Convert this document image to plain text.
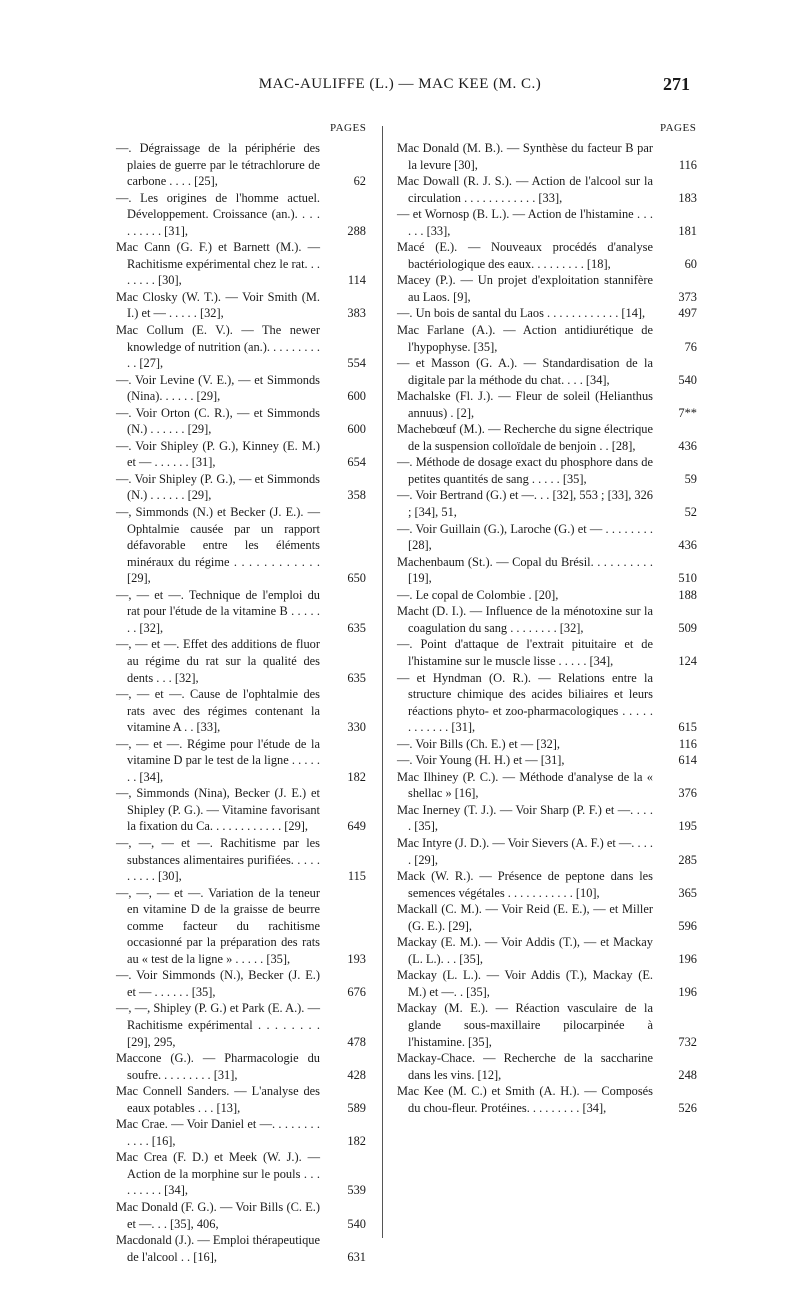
MAC-AULIFFE (L.) — MAC KEE (M. C.)	271
PAGES	PAGES
—. Dégraissage de la périphérie des plaies de guerre par le tétrachlorure de carbone . . . . [25],	62
—. Les origines de l'homme actuel. Développement. Croissance (an.). . . . . . . . . . [31],	288
Mac Cann (G. F.) et Barnett (M.). — Rachitisme expérimental chez le rat. . . . . . . . [30],	114
Mac Closky (W. T.). — Voir Smith (M. I.) et — . . . . . [32],	383
Mac Collum (E. V.). — The newer knowledge of nutrition (an.). . . . . . . . . . . [27],	554
—. Voir Levine (V. E.), — et Simmonds (Nina). . . . . . [29],	600
—. Voir Orton (C. R.), — et Simmonds (N.) . . . . . . [29],	600
—. Voir Shipley (P. G.), Kinney (E. M.) et — . . . . . . [31],	654
—. Voir Shipley (P. G.), — et Simmonds (N.) . . . . . . [29],	358
—, Simmonds (N.) et Becker (J. E.). — Ophtalmie causée par un rapport défavorable entre les éléments minéraux du régime . . . . . . . . . . . . [29],	650
—, — et —. Technique de l'emploi du rat pour l'étude de la vitamine B . . . . . . . [32],	635
—, — et —. Effet des additions de fluor au régime du rat sur la qualité des dents . . . [32],	635
—, — et —. Cause de l'ophtalmie des rats avec des régimes contenant la vitamine A . . [33],	330
—, — et —. Régime pour l'étude de la vitamine D par le test de la ligne . . . . . . . [34],	182
—, Simmonds (Nina), Becker (J. E.) et Shipley (P. G.). — Vitamine favorisant la fixation du Ca. . . . . . . . . . . . [29],	649
—, —, — et —. Rachitisme par les substances alimentaires purifiées. . . . . . . . . . [30],	115
—, —, — et —. Variation de la teneur en vitamine D de la graisse de beurre comme facteur du rachitisme occasionné par la préparation des rats au « test de la ligne » . . . . . [35],	193
—. Voir Simmonds (N.), Becker (J. E.) et — . . . . . . [35],	676
—, —, Shipley (P. G.) et Park (E. A.). — Rachitisme expérimental . . . . . . . . [29], 295,	478
Maccone (G.). — Pharmacologie du soufre. . . . . . . . . [31],	428
Mac Connell Sanders. — L'analyse des eaux potables . . . [13],	589
Mac Crae. — Voir Daniel et —. . . . . . . . . . . . [16],	182
Mac Crea (F. D.) et Meek (W. J.). — Action de la morphine sur le pouls . . . . . . . . . [34],	539
Mac Donald (F. G.). — Voir Bills (C. E.) et —. . . [35], 406,	540
Macdonald (J.). — Emploi thérapeutique de l'alcool . . [16],	631
Mac Donald (M. B.). — Synthèse du facteur B par la levure [30],	116
Mac Dowall (R. J. S.). — Action de l'alcool sur la circulation . . . . . . . . . . . . [33],	183
— et Wornosp (B. L.). — Action de l'histamine . . . . . . [33],	181
Macé (E.). — Nouveaux procédés d'analyse bactériologique des eaux. . . . . . . . . [18],	60
Macey (P.). — Un projet d'exploitation stannifère au Laos. [9],	373
—. Un bois de santal du Laos . . . . . . . . . . . . [14],	497
Mac Farlane (A.). — Action antidiurétique de l'hypophyse. [35],	76
— et Masson (G. A.). — Standardisation de la digitale par la méthode du chat. . . . [34],	540
Machalske (Fl. J.). — Fleur de soleil (Helianthus annuus) . [2],	7**
Machebœuf (M.). — Recherche du signe électrique de la suspension colloïdale de benjoin . . [28],	436
—. Méthode de dosage exact du phosphore dans de petites quantités de sang . . . . . [35],	59
—. Voir Bertrand (G.) et —. . . [32], 553 ; [33], 326 ; [34], 51,	52
—. Voir Guillain (G.), Laroche (G.) et — . . . . . . . . [28],	436
Machenbaum (St.). — Copal du Brésil. . . . . . . . . . [19],	510
—. Le copal de Colombie . [20],	188
Macht (D. I.). — Influence de la ménotoxine sur la coagulation du sang . . . . . . . . [32],	509
—. Point d'attaque de l'extrait pituitaire et de l'histamine sur le muscle lisse . . . . . [34],	124
— et Hyndman (O. R.). — Relations entre la structure chimique des acides biliaires et leurs réactions phyto- et zoo-pharmacologiques . . . . . . . . . . . . [31],	615
—. Voir Bills (Ch. E.) et — [32],	116
—. Voir Young (H. H.) et — [31],	614
Mac Ilhiney (P. C.). — Méthode d'analyse de la « shellac » [16],	376
Mac Inerney (T. J.). — Voir Sharp (P. F.) et —. . . . . [35],	195
Mac Intyre (J. D.). — Voir Sievers (A. F.) et —. . . . . [29],	285
Mack (W. R.). — Présence de peptone dans les semences végétales . . . . . . . . . . . [10],	365
Mackall (C. M.). — Voir Reid (E. E.), — et Miller (G. E.). [29],	596
Mackay (E. M.). — Voir Addis (T.), — et Mackay (L. L.). . . [35],	196
Mackay (L. L.). — Voir Addis (T.), Mackay (E. M.) et —. . [35],	196
Mackay (M. E.). — Réaction vasculaire de la glande sous-maxillaire pilocarpinée à l'histamine. [35],	732
Mackay-Chace. — Recherche de la saccharine dans les vins. [12],	248
Mac Kee (M. C.) et Smith (A. H.). — Composés du chou-fleur. Protéines. . . . . . . . . [34],	526
